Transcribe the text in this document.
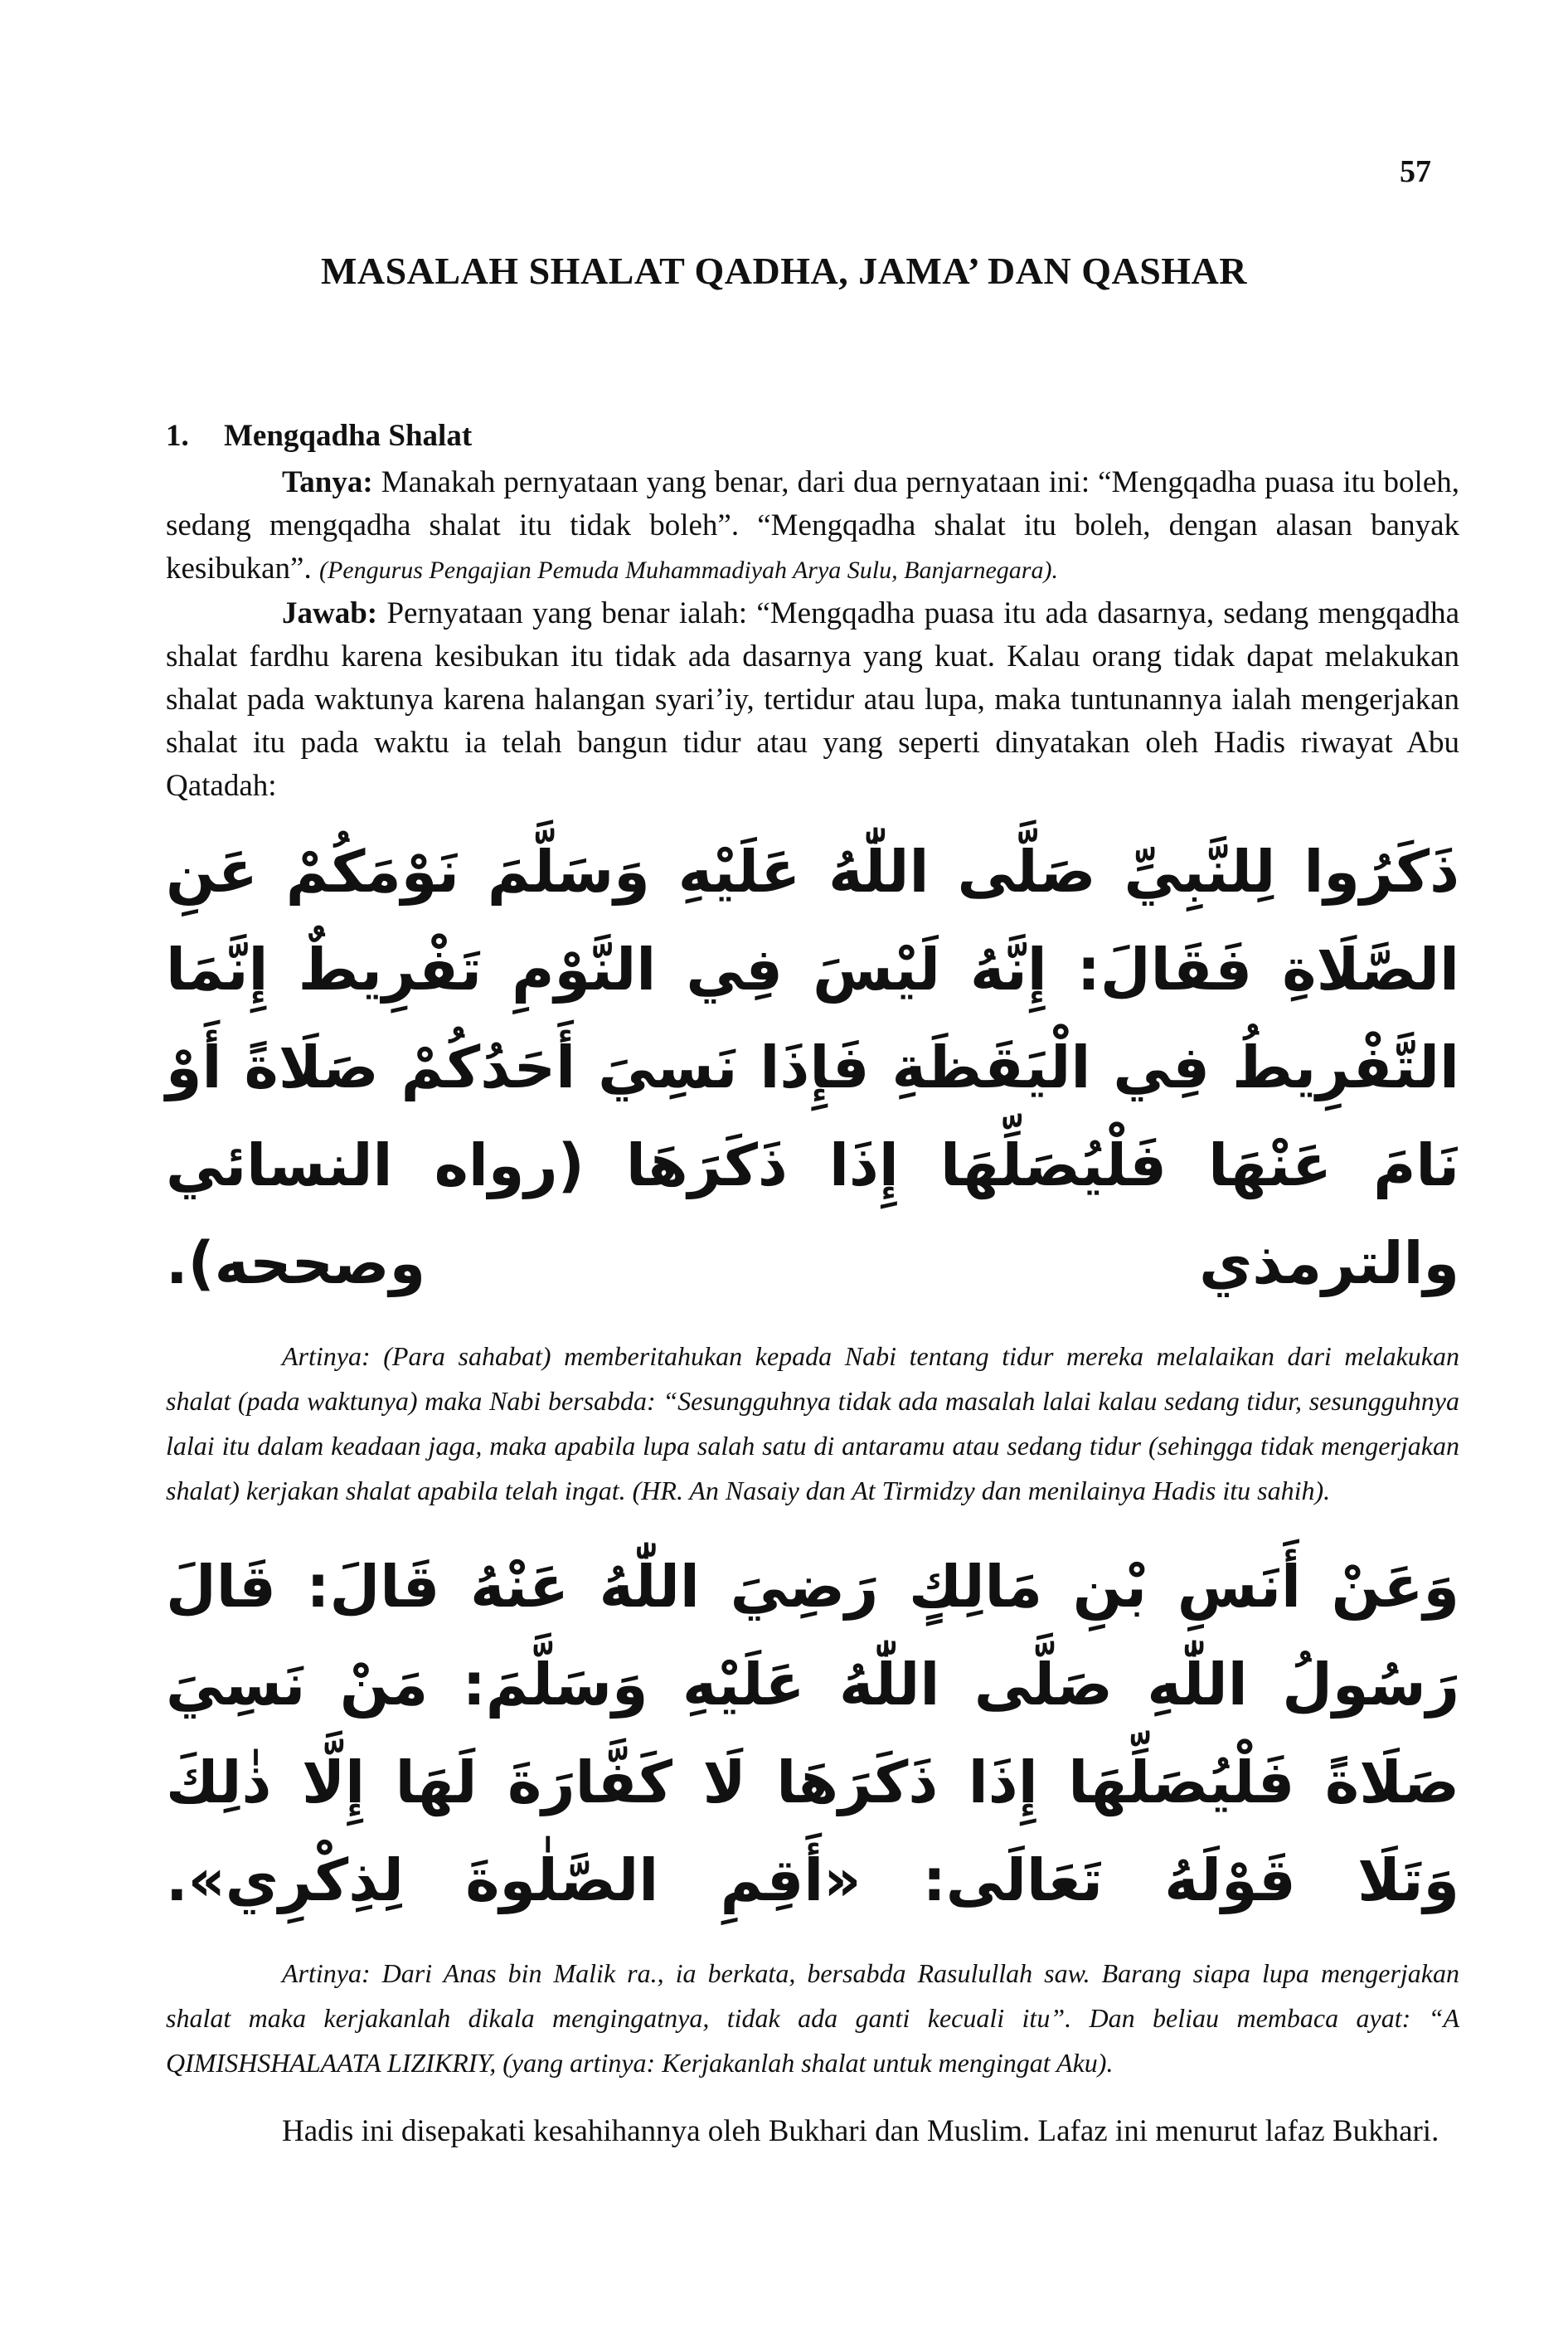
57
MASALAH SHALAT QADHA, JAMA’ DAN QASHAR
1. Mengqadha Shalat

Tanya: Manakah pernyataan yang benar, dari dua pernyataan ini: “Mengqadha puasa itu boleh, sedang mengqadha shalat itu tidak boleh”. “Mengqadha shalat itu boleh, dengan alasan banyak kesibukan”. (Pengurus Pengajian Pemuda Muhammadiyah Arya Sulu, Banjarnegara).

Jawab: Pernyataan yang benar ialah: “Mengqadha puasa itu ada dasarnya, sedang mengqadha shalat fardhu karena kesibukan itu tidak ada dasarnya yang kuat. Kalau orang tidak dapat melakukan shalat pada waktunya karena halangan syari’iy, tertidur atau lupa, maka tuntunannya ialah mengerjakan shalat itu pada waktu ia telah bangun tidur atau yang seperti dinyatakan oleh Hadis riwayat Abu Qatadah:

ذَكَرُوا لِلنَّبِيِّ صَلَّى اللّٰهُ عَلَيْهِ وَسَلَّمَ نَوْمَكُمْ عَنِ الصَّلَاةِ فَقَالَ: إِنَّهُ لَيْسَ فِي النَّوْمِ تَفْرِيطٌ إِنَّمَا التَّفْرِيطُ فِي الْيَقَظَةِ فَإِذَا نَسِيَ أَحَدُكُمْ صَلَاةً أَوْ نَامَ عَنْهَا فَلْيُصَلِّهَا إِذَا ذَكَرَهَا (رواه النسائي والترمذي وصححه).

Artinya: (Para sahabat) memberitahukan kepada Nabi tentang tidur mereka melalaikan dari melakukan shalat (pada waktunya) maka Nabi bersabda: “Sesungguhnya tidak ada masalah lalai kalau sedang tidur, sesungguhnya lalai itu dalam keadaan jaga, maka apabila lupa salah satu di antaramu atau sedang tidur (sehingga tidak mengerjakan shalat) kerjakan shalat apabila telah ingat. (HR. An Nasaiy dan At Tirmidzy dan menilainya Hadis itu sahih).

وَعَنْ أَنَسِ بْنِ مَالِكٍ رَضِيَ اللّٰهُ عَنْهُ قَالَ: قَالَ رَسُولُ اللّٰهِ صَلَّى اللّٰهُ عَلَيْهِ وَسَلَّمَ: مَنْ نَسِيَ صَلَاةً فَلْيُصَلِّهَا إِذَا ذَكَرَهَا لَا كَفَّارَةَ لَهَا إِلَّا ذٰلِكَ وَتَلَا قَوْلَهُ تَعَالَى: «أَقِمِ الصَّلٰوةَ لِذِكْرِي».

Artinya: Dari Anas bin Malik ra., ia berkata, bersabda Rasulullah saw. Barang siapa lupa mengerjakan shalat maka kerjakanlah dikala mengingatnya, tidak ada ganti kecuali itu”. Dan beliau membaca ayat: “A QIMISHSHALAATA LIZIKRIY, (yang artinya: Kerjakanlah shalat untuk mengingat Aku).

Hadis ini disepakati kesahihannya oleh Bukhari dan Muslim. Lafaz ini menurut lafaz Bukhari.
